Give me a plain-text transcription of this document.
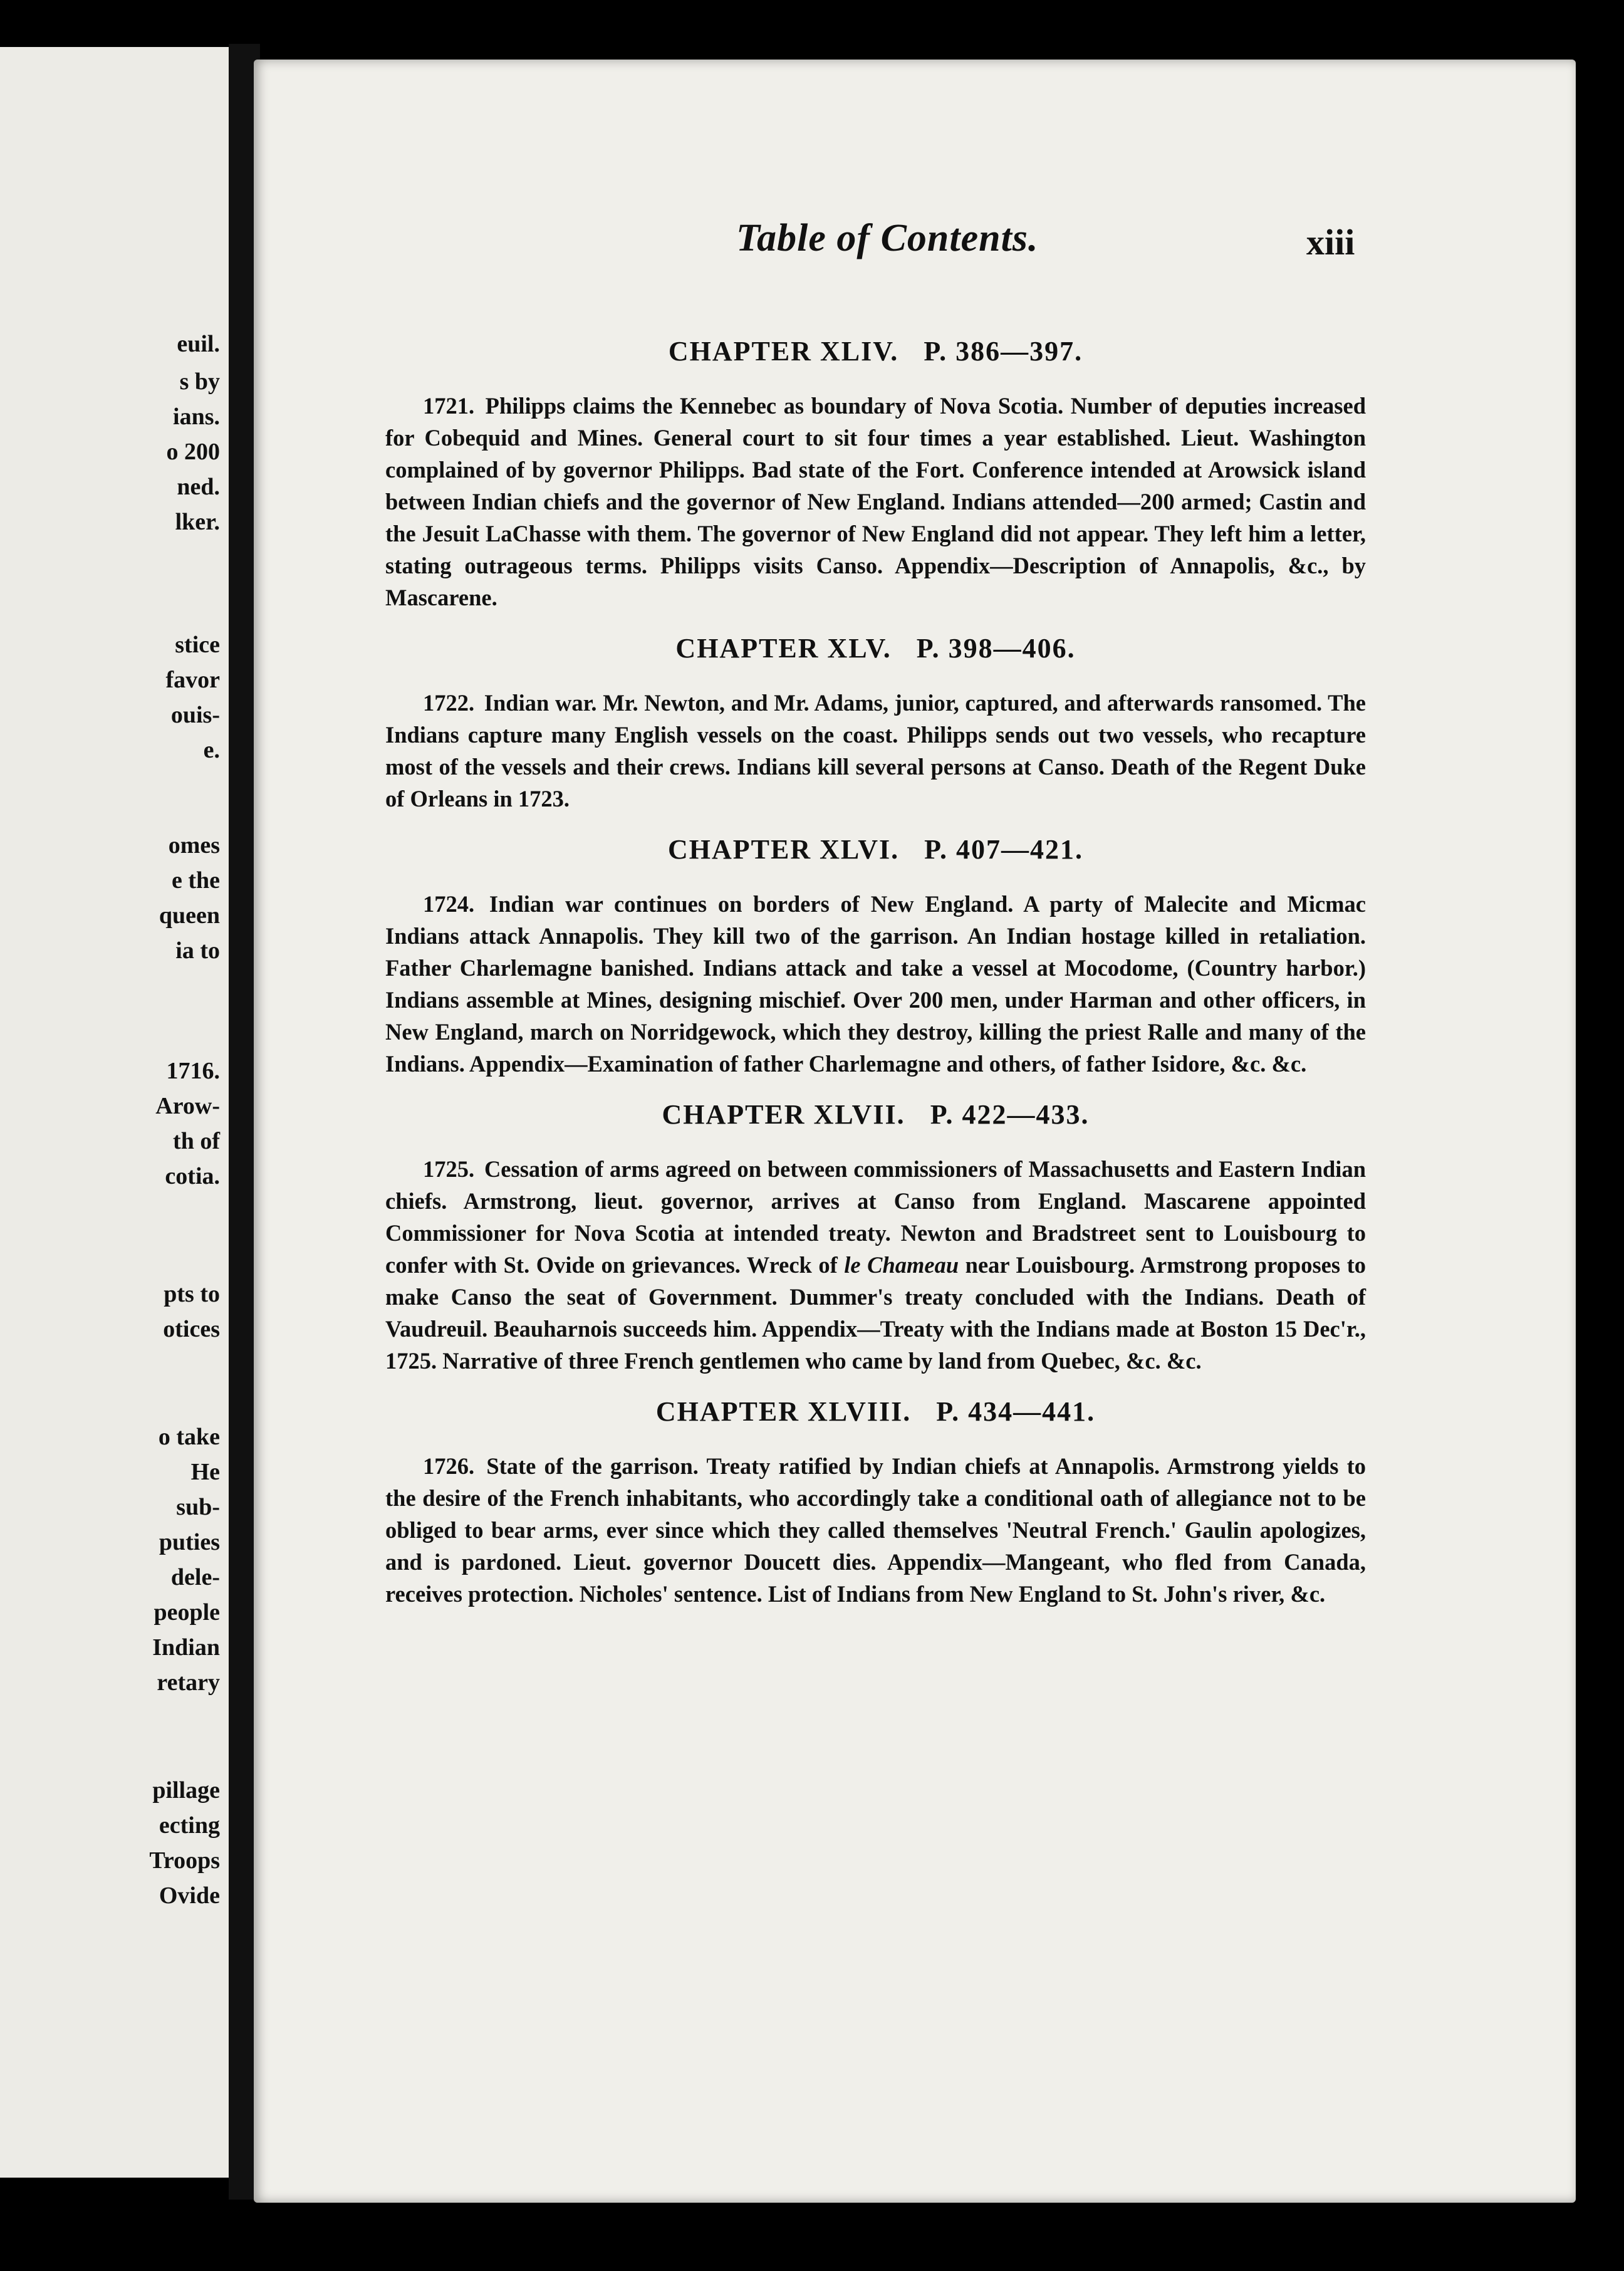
euil.
s by
ians.
o 200
ned.
lker.
stice
favor
ouis-
e.
omes
e the
queen
ia to
1716.
Arow-
th of
cotia.
pts to
otices
o take
He
sub-
puties
dele-
people
Indian
retary
pillage
ecting
Troops
Ovide
Table of Contents.	xiii
CHAPTER XLIV. P. 386—397.

1721. Philipps claims the Kennebec as boundary of Nova Scotia. Number of deputies increased for Cobequid and Mines. General court to sit four times a year established. Lieut. Washington complained of by governor Philipps. Bad state of the Fort. Conference intended at Arowsick island between Indian chiefs and the governor of New England. Indians attended—200 armed; Castin and the Jesuit LaChasse with them. The governor of New England did not appear. They left him a letter, stating outrageous terms. Philipps visits Canso. Appendix—Description of Annapolis, &c., by Mascarene.

CHAPTER XLV. P. 398—406.

1722. Indian war. Mr. Newton, and Mr. Adams, junior, captured, and afterwards ransomed. The Indians capture many English vessels on the coast. Philipps sends out two vessels, who recapture most of the vessels and their crews. Indians kill several persons at Canso. Death of the Regent Duke of Orleans in 1723.

CHAPTER XLVI. P. 407—421.

1724. Indian war continues on borders of New England. A party of Malecite and Micmac Indians attack Annapolis. They kill two of the garrison. An Indian hostage killed in retaliation. Father Charlemagne banished. Indians attack and take a vessel at Mocodome, (Country harbor.) Indians assemble at Mines, designing mischief. Over 200 men, under Harman and other officers, in New England, march on Norridgewock, which they destroy, killing the priest Ralle and many of the Indians. Appendix—Examination of father Charlemagne and others, of father Isidore, &c. &c.

CHAPTER XLVII. P. 422—433.

1725. Cessation of arms agreed on between commissioners of Massachusetts and Eastern Indian chiefs. Armstrong, lieut. governor, arrives at Canso from England. Mascarene appointed Commissioner for Nova Scotia at intended treaty. Newton and Bradstreet sent to Louisbourg to confer with St. Ovide on grievances. Wreck of le Chameau near Louisbourg. Armstrong proposes to make Canso the seat of Government. Dummer's treaty concluded with the Indians. Death of Vaudreuil. Beauharnois succeeds him. Appendix—Treaty with the Indians made at Boston 15 Dec'r., 1725. Narrative of three French gentlemen who came by land from Quebec, &c. &c.

CHAPTER XLVIII. P. 434—441.

1726. State of the garrison. Treaty ratified by Indian chiefs at Annapolis. Armstrong yields to the desire of the French inhabitants, who accordingly take a conditional oath of allegiance not to be obliged to bear arms, ever since which they called themselves 'Neutral French.' Gaulin apologizes, and is pardoned. Lieut. governor Doucett dies. Appendix—Mangeant, who fled from Canada, receives protection. Nicholes' sentence. List of Indians from New England to St. John's river, &c.
